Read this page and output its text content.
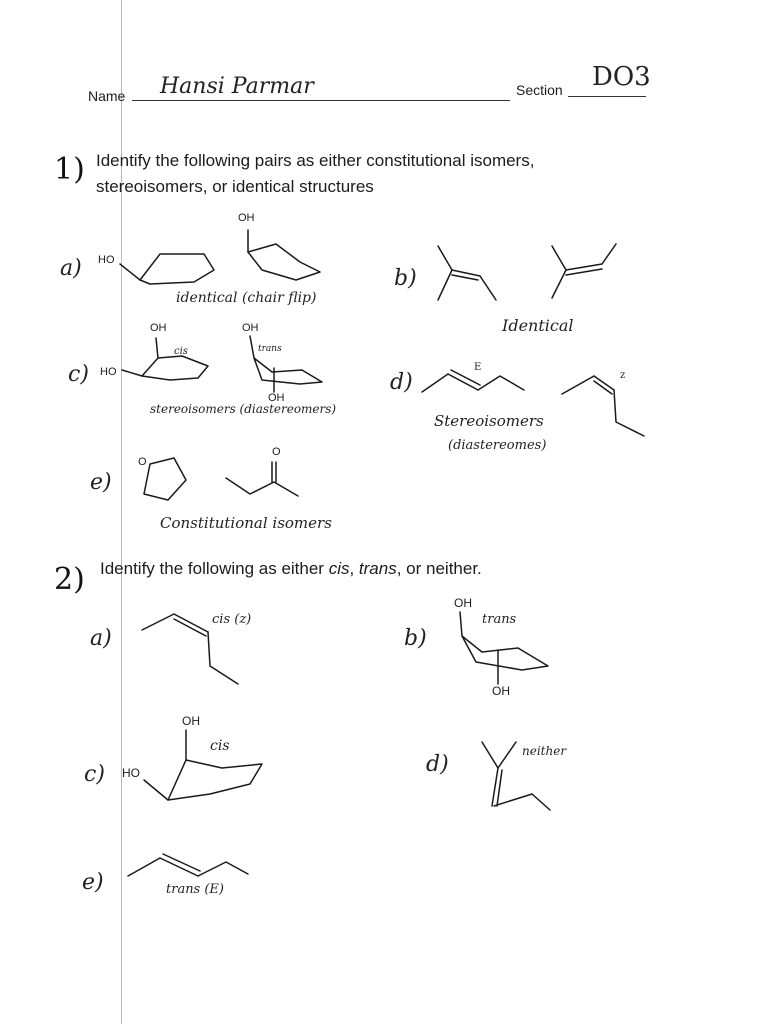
Name Hansi Parmar	Section DO3
1) Identify the following pairs as either constitutional isomers,
stereoisomers, or identical structures
a) HO
OH
identical (chair flip)
b)
Identical
c) HO
OH
cis
OH
trans
OH
stereoisomers (diastereomers)
d)
E
z
Stereoisomers
(diastereomes)
e)
O
O
Constitutional isomers
2) Identify the following as either cis, trans, or neither.
a)
cis (z)
b)
OH
trans
OH
c) HO
OH
cis
d)
neither
e)	trans (E)
